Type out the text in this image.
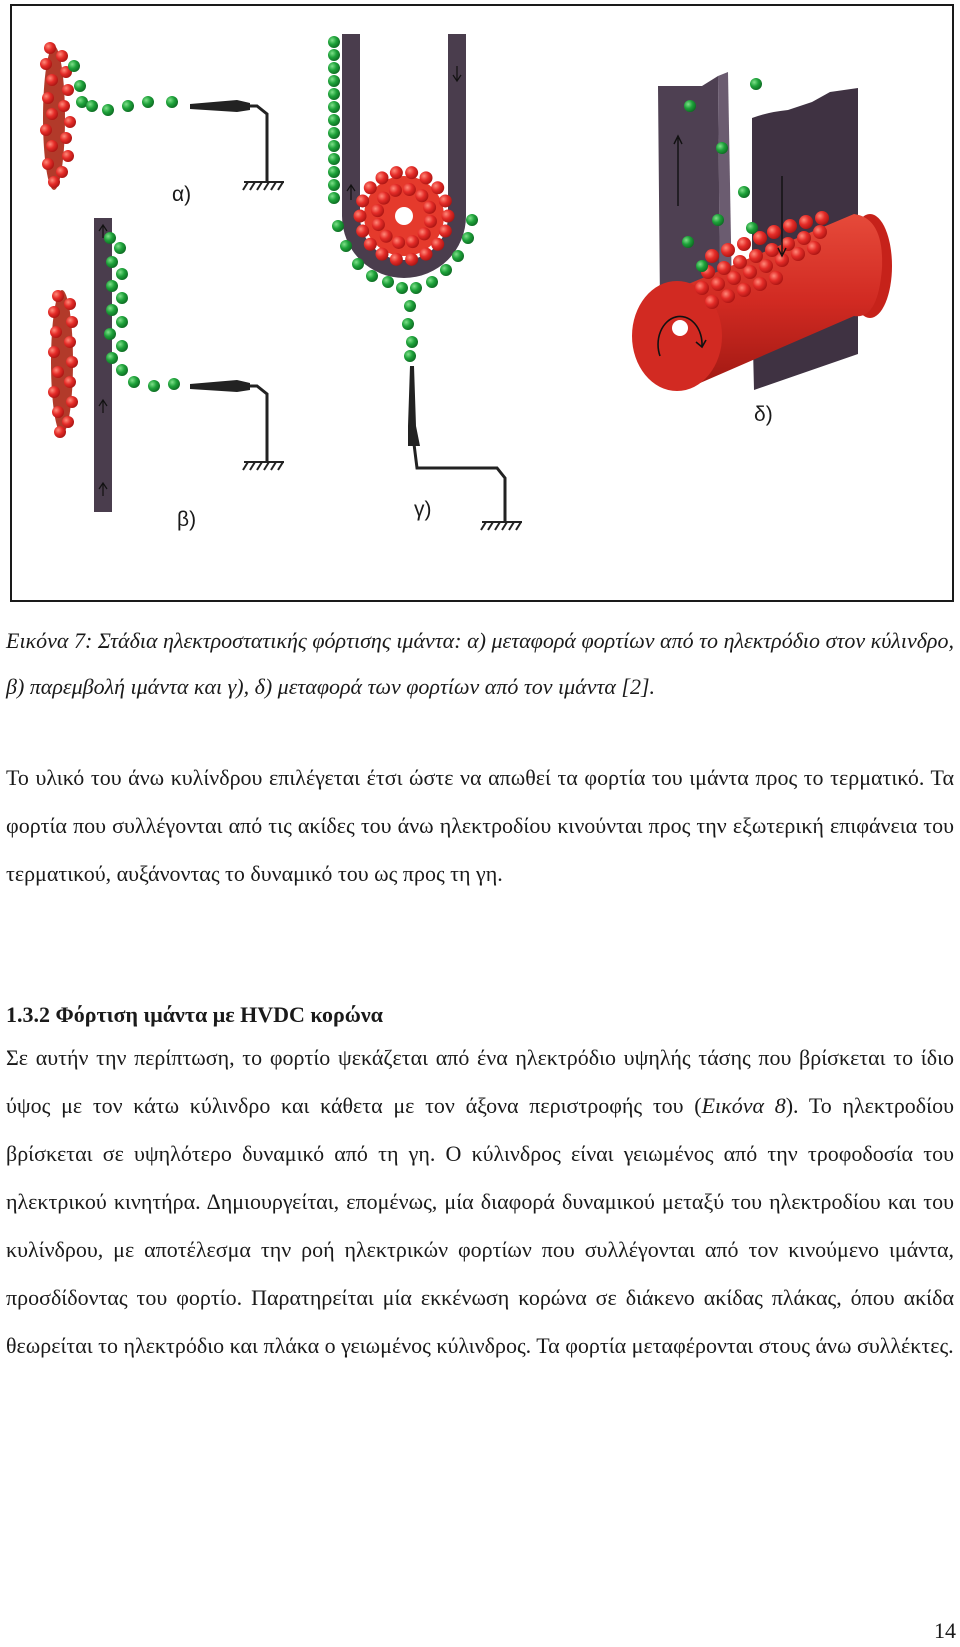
α)
β)	γ)
δ)

Εικόνα 7: Στάδια ηλεκτροστατικής φόρτισης ιμάντα: α) μεταφορά φορτίων από το ηλεκτρόδιο στον κύλινδρο, β) παρεμβολή ιμάντα και γ), δ) μεταφορά των φορτίων από τον ιμάντα [2].

Το υλικό του άνω κυλίνδρου επιλέγεται έτσι ώστε να απωθεί τα φορτία του ιμάντα προς το τερματικό. Τα φορτία που συλλέγονται από τις ακίδες του άνω ηλεκτροδίου κινούνται προς την εξωτερική επιφάνεια του τερματικού, αυξάνοντας το δυναμικό του ως προς τη γη.

1.3.2 Φόρτιση ιμάντα με HVDC κορώνα

Σε αυτήν την περίπτωση, το φορτίο ψεκάζεται από ένα ηλεκτρόδιο υψηλής τάσης που βρίσκεται το ίδιο ύψος με τον κάτω κύλινδρο και κάθετα με τον άξονα περιστροφής του (Εικόνα 8). Το ηλεκτροδίου βρίσκεται σε υψηλότερο δυναμικό από τη γη. Ο κύλινδρος είναι γειωμένος από την τροφοδοσία του ηλεκτρικού κινητήρα. Δημιουργείται, επομένως, μία διαφορά δυναμικού μεταξύ του ηλεκτροδίου και του κυλίνδρου, με αποτέλεσμα την ροή ηλεκτρικών φορτίων που συλλέγονται από τον κινούμενο ιμάντα, προσδίδοντας του φορτίο. Παρατηρείται μία εκκένωση κορώνα σε διάκενο ακίδας πλάκας, όπου ακίδα θεωρείται το ηλεκτρόδιο και πλάκα ο γειωμένος κύλινδρος. Τα φορτία μεταφέρονται στους άνω συλλέκτες.

14
